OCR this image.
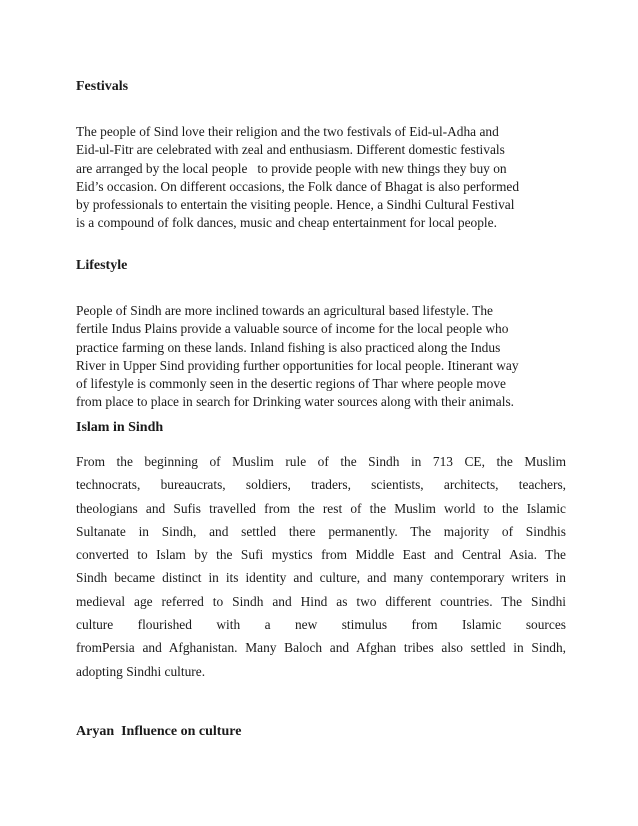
Festivals
The people of Sind love their religion and the two festivals of Eid-ul-Adha and
Eid-ul-Fitr are celebrated with zeal and enthusiasm. Different domestic festivals
are arranged by the local people   to provide people with new things they buy on
Eid’s occasion. On different occasions, the Folk dance of Bhagat is also performed
by professionals to entertain the visiting people. Hence, a Sindhi Cultural Festival
is a compound of folk dances, music and cheap entertainment for local people.
Lifestyle
People of Sindh are more inclined towards an agricultural based lifestyle. The
fertile Indus Plains provide a valuable source of income for the local people who
practice farming on these lands. Inland fishing is also practiced along the Indus
River in Upper Sind providing further opportunities for local people. Itinerant way
of lifestyle is commonly seen in the desertic regions of Thar where people move
from place to place in search for Drinking water sources along with their animals.
Islam in Sindh
From the beginning of Muslim rule of the Sindh in 713 CE, the Muslim
technocrats, bureaucrats, soldiers, traders, scientists, architects, teachers,
theologians and Sufis travelled from the rest of the Muslim world to the Islamic
Sultanate in Sindh, and settled there permanently. The majority of Sindhis
converted to Islam by the Sufi mystics from Middle East and Central Asia. The
Sindh became distinct in its identity and culture, and many contemporary writers in
medieval age referred to Sindh and Hind as two different countries. The Sindhi
culture flourished with a new stimulus from Islamic sources
fromPersia and Afghanistan. Many Baloch and Afghan tribes also settled in Sindh,
adopting Sindhi culture.
Aryan  Influence on culture
